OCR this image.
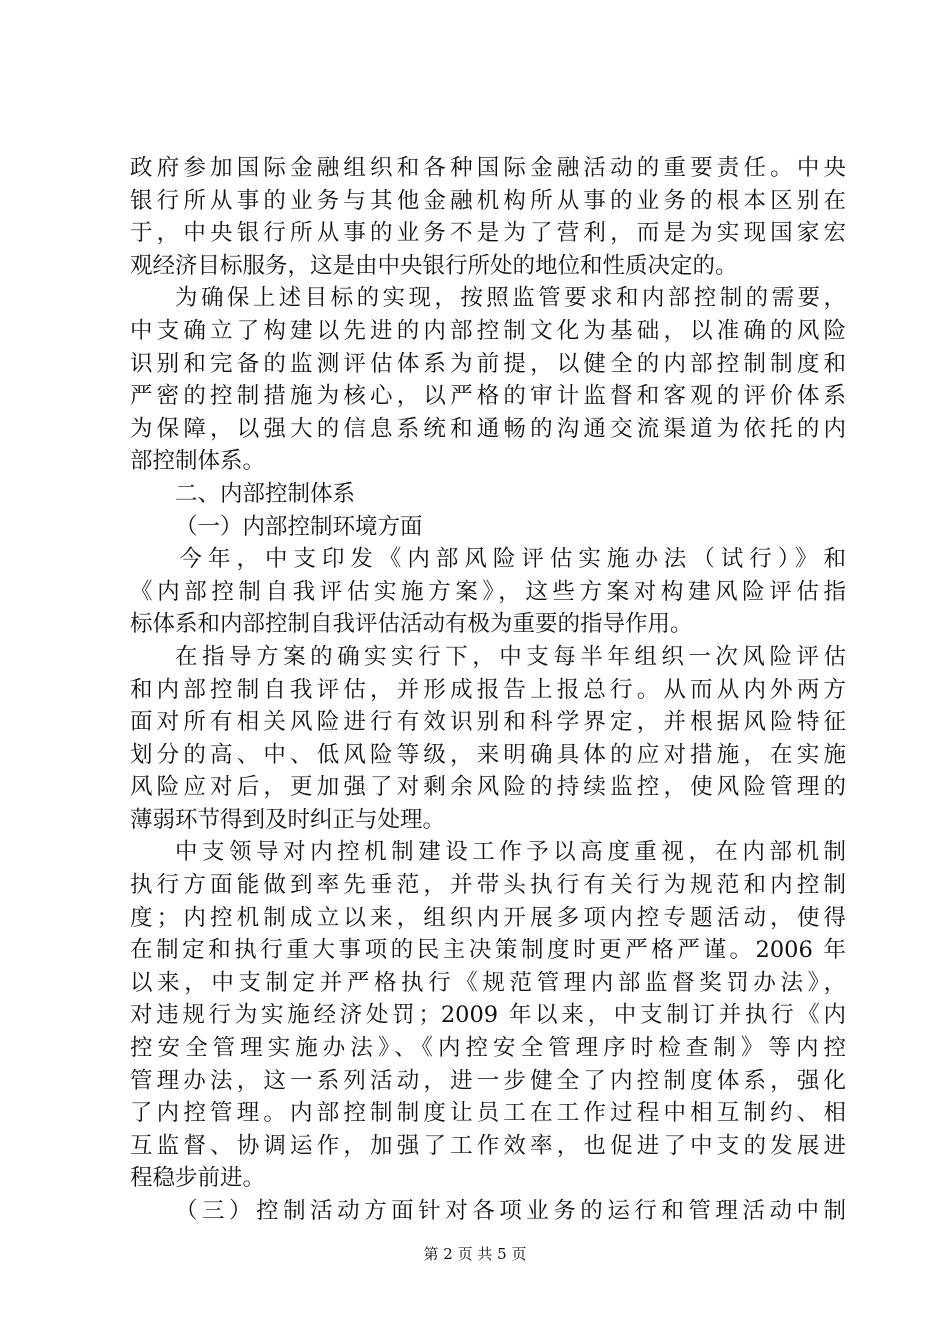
政府参加国际金融组织和各种国际金融活动的重要责任。中央
银行所从事的业务与其他金融机构所从事的业务的根本区别在
于，中央银行所从事的业务不是为了营利，而是为实现国家宏
观经济目标服务，这是由中央银行所处的地位和性质决定的。
为确保上述目标的实现，按照监管要求和内部控制的需要，
中支确立了构建以先进的内部控制文化为基础，以准确的风险
识别和完备的监测评估体系为前提，以健全的内部控制制度和
严密的控制措施为核心，以严格的审计监督和客观的评价体系
为保障，以强大的信息系统和通畅的沟通交流渠道为依托的内
部控制体系。
二、内部控制体系
（一）内部控制环境方面
今年，中支印发《内部风险评估实施办法（试行）》和
《内部控制自我评估实施方案》，这些方案对构建风险评估指
标体系和内部控制自我评估活动有极为重要的指导作用。
在指导方案的确实实行下，中支每半年组织一次风险评估
和内部控制自我评估，并形成报告上报总行。从而从内外两方
面对所有相关风险进行有效识别和科学界定，并根据风险特征
划分的高、中、低风险等级，来明确具体的应对措施，在实施
风险应对后，更加强了对剩余风险的持续监控，使风险管理的
薄弱环节得到及时纠正与处理。
中支领导对内控机制建设工作予以高度重视，在内部机制
执行方面能做到率先垂范，并带头执行有关行为规范和内控制
度；内控机制成立以来，组织内开展多项内控专题活动，使得
在制定和执行重大事项的民主决策制度时更严格严谨。2006 年
以来，中支制定并严格执行《规范管理内部监督奖罚办法》，
对违规行为实施经济处罚；2009 年以来，中支制订并执行《内
控安全管理实施办法》、《内控安全管理序时检查制》等内控
管理办法，这一系列活动，进一步健全了内控制度体系，强化
了内控管理。内部控制制度让员工在工作过程中相互制约、相
互监督、协调运作，加强了工作效率，也促进了中支的发展进
程稳步前进。
（三）控制活动方面针对各项业务的运行和管理活动中制
第 2 页 共 5 页
